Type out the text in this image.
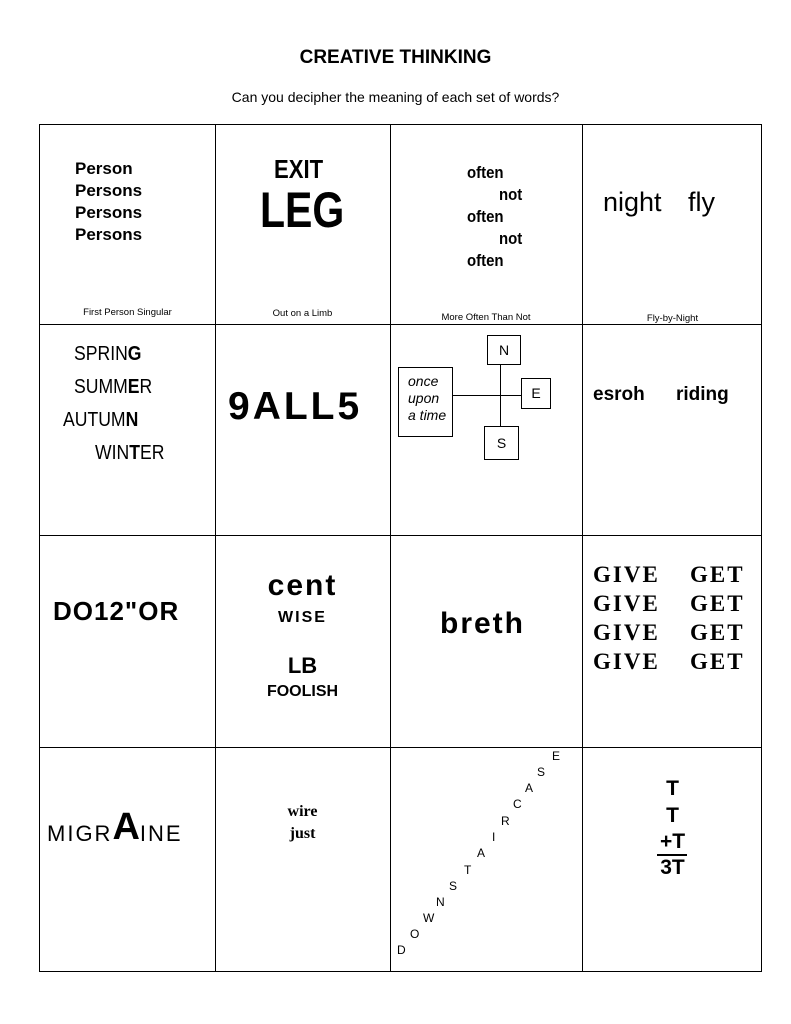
CREATIVE THINKING
Can you decipher the meaning of each set of words?
Person
Persons
Persons
Persons
First Person Singular
EXIT
LEG
Out on a Limb
often
not
often
not
often
More Often Than Not
night fly
Fly-by-Night
SPRING
SUMMER
AUTUMN
WINTER
9ALL5
N
E
S
once
upon
a time
esroh riding
DO12"OR
cent
WISE
LB
FOOLISH
breth
GIVE
GIVE
GIVE
GIVE
GET
GET
GET
GET
MIGRAINE
wire
just
D
O
W
N
S
T
A
I
R
C
A
S
E
T
T
+T
3T
